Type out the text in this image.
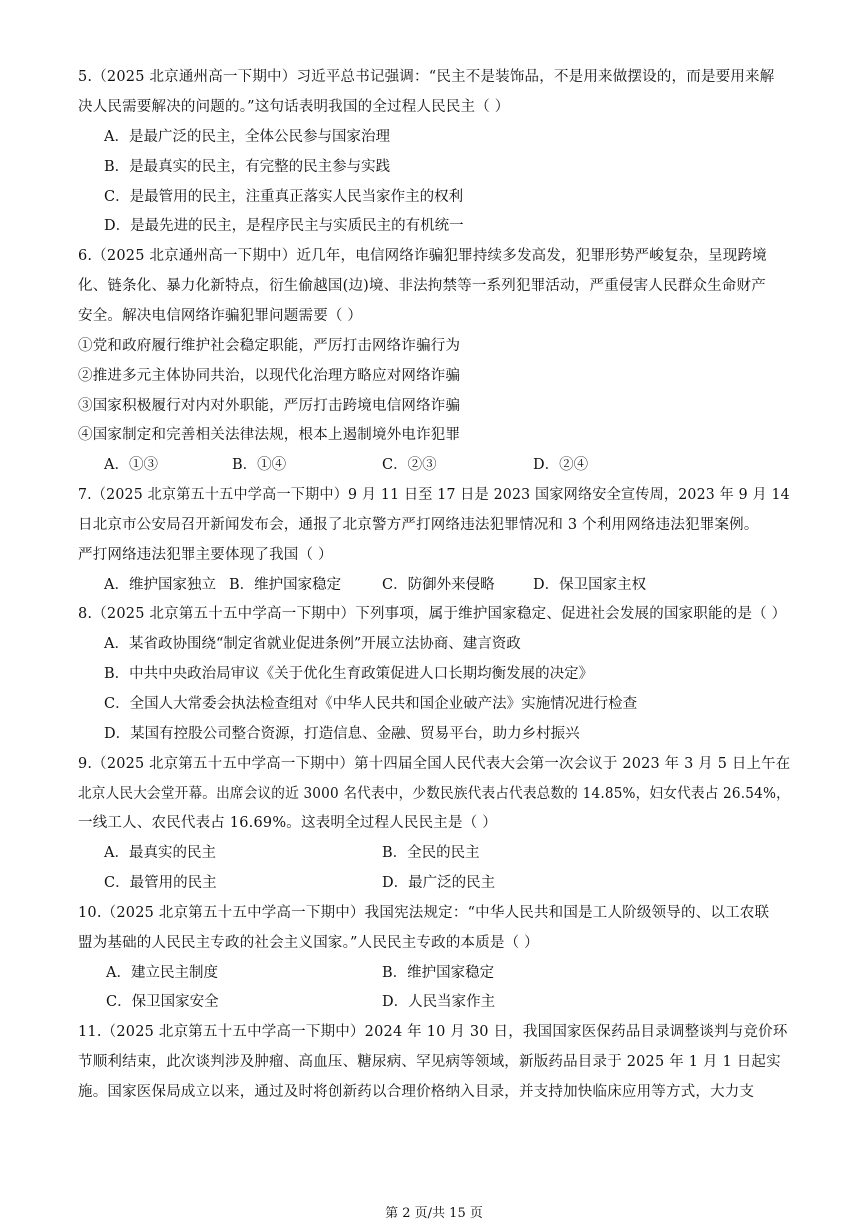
5.（2025 北京通州高一下期中）习近平总书记强调：“民主不是装饰品，不是用来做摆设的，而是要用来解
决人民需要解决的问题的。”这句话表明我国的全过程人民民主（ ）
A．是最广泛的民主，全体公民参与国家治理
B．是最真实的民主，有完整的民主参与实践
C．是最管用的民主，注重真正落实人民当家作主的权利
D．是最先进的民主，是程序民主与实质民主的有机统一
6.（2025 北京通州高一下期中）近几年，电信网络诈骗犯罪持续多发高发，犯罪形势严峻复杂，呈现跨境
化、链条化、暴力化新特点，衍生偷越国(边)境、非法拘禁等一系列犯罪活动，严重侵害人民群众生命财产
安全。解决电信网络诈骗犯罪问题需要（ ）
①党和政府履行维护社会稳定职能，严厉打击网络诈骗行为
②推进多元主体协同共治，以现代化治理方略应对网络诈骗
③国家积极履行对内对外职能，严厉打击跨境电信网络诈骗
④国家制定和完善相关法律法规，根本上遏制境外电诈犯罪
A．①③	B．①④	C．②③	D．②④
7.（2025 北京第五十五中学高一下期中）9 月 11 日至 17 日是 2023 国家网络安全宣传周，2023 年 9 月 14
日北京市公安局召开新闻发布会，通报了北京警方严打网络违法犯罪情况和 3 个利用网络违法犯罪案例。
严打网络违法犯罪主要体现了我国（ ）
A．维护国家独立 B．维护国家稳定	C．防御外来侵略	D．保卫国家主权
8.（2025 北京第五十五中学高一下期中）下列事项，属于维护国家稳定、促进社会发展的国家职能的是（ ）
A．某省政协围绕“制定省就业促进条例”开展立法协商、建言资政
B．中共中央政治局审议《关于优化生育政策促进人口长期均衡发展的决定》
C．全国人大常委会执法检查组对《中华人民共和国企业破产法》实施情况进行检查
D．某国有控股公司整合资源，打造信息、金融、贸易平台，助力乡村振兴
9.（2025 北京第五十五中学高一下期中）第十四届全国人民代表大会第一次会议于 2023 年 3 月 5 日上午在
北京人民大会堂开幕。出席会议的近 3000 名代表中，少数民族代表占代表总数的 14.85%，妇女代表占 26.54%，
一线工人、农民代表占 16.69%。这表明全过程人民民主是（ ）
A．最真实的民主	B．全民的民主
C．最管用的民主	D．最广泛的民主
10.（2025 北京第五十五中学高一下期中）我国宪法规定：“中华人民共和国是工人阶级领导的、以工农联
盟为基础的人民民主专政的社会主义国家。”人民民主专政的本质是（ ）
A．建立民主制度	B．维护国家稳定
C．保卫国家安全	D．人民当家作主
11.（2025 北京第五十五中学高一下期中）2024 年 10 月 30 日，我国国家医保药品目录调整谈判与竞价环
节顺利结束，此次谈判涉及肿瘤、高血压、糖尿病、罕见病等领域，新版药品目录于 2025 年 1 月 1 日起实
施。国家医保局成立以来，通过及时将创新药以合理价格纳入目录，并支持加快临床应用等方式，大力支
第 2 页/共 15 页
